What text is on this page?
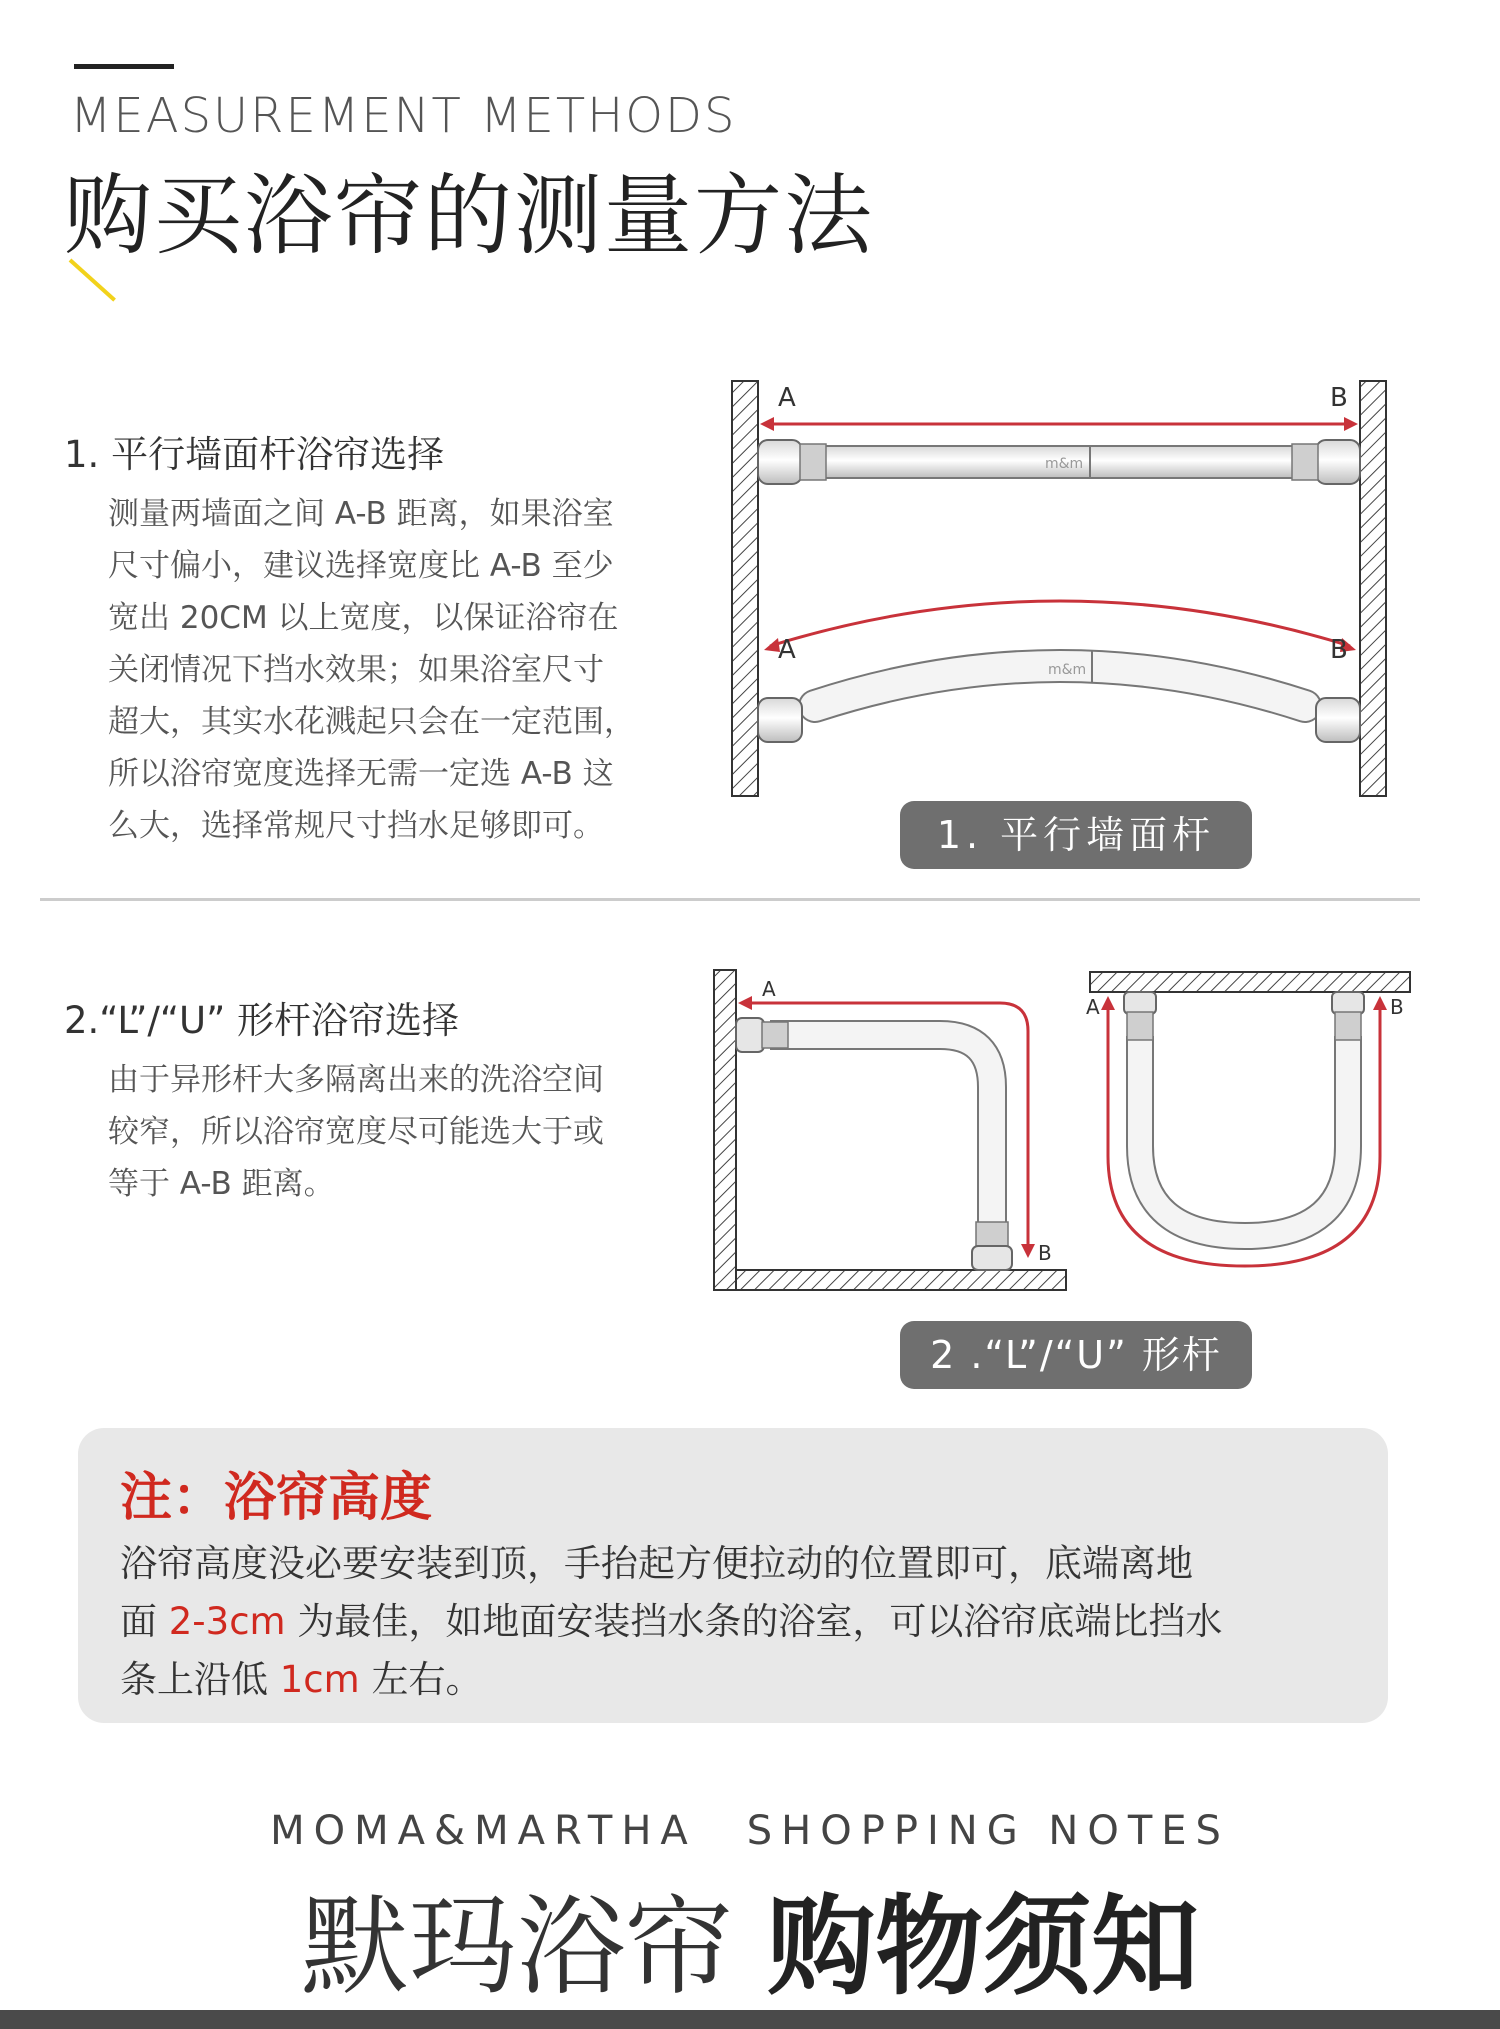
MEASUREMENT METHODS
购买浴帘的测量方法
1. 平行墙面杆浴帘选择
测量两墙面之间 A-B 距离，如果浴室
尺寸偏小，建议选择宽度比 A-B 至少
宽出 20CM 以上宽度，以保证浴帘在
关闭情况下挡水效果；如果浴室尺寸
超大，其实水花溅起只会在一定范围，
所以浴帘宽度选择无需一定选 A-B 这
么大，选择常规尺寸挡水足够即可。
A	B
m&m
A	B
m&m
1. 平行墙面杆
2.“L”/“U” 形杆浴帘选择
由于异形杆大多隔离出来的洗浴空间
较窄，所以浴帘宽度尽可能选大于或
等于 A-B 距离。
A
B
A	B
2 .“L”/“U” 形杆
注：浴帘高度
浴帘高度没必要安装到顶，手抬起方便拉动的位置即可，底端离地
面 2-3cm 为最佳，如地面安装挡水条的浴室，可以浴帘底端比挡水
条上沿低 1cm 左右。
MOMA&MARTHA SHOPPING NOTES
默玛浴帘 购物须知
